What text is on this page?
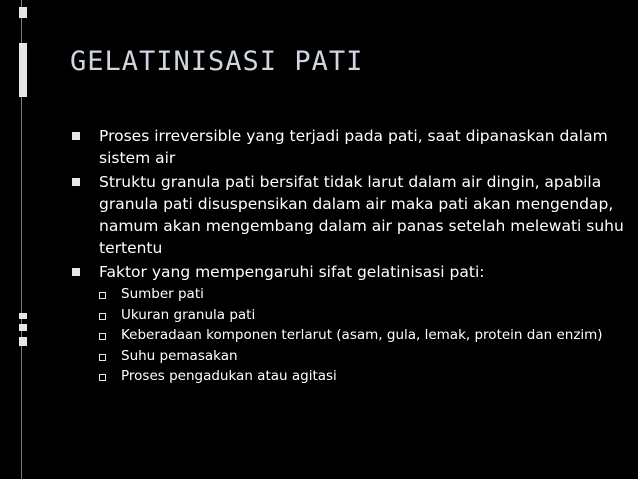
GELATINISASI PATI
Proses irreversible yang terjadi pada pati, saat dipanaskan dalam sistem air
Struktu granula pati bersifat tidak larut dalam air dingin, apabila granula pati disuspensikan dalam air maka pati akan mengendap, namum akan mengembang dalam air panas setelah melewati suhu tertentu
Faktor yang mempengaruhi sifat gelatinisasi pati:
Sumber pati
Ukuran granula pati
Keberadaan komponen terlarut (asam, gula, lemak, protein dan enzim)
Suhu pemasakan
Proses pengadukan atau agitasi
